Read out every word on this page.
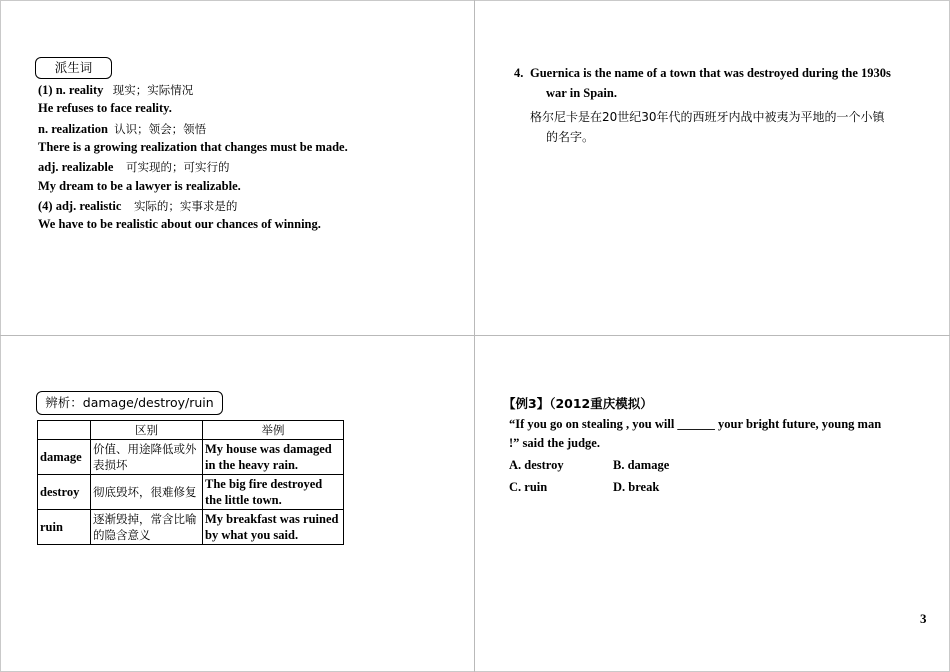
派生词
(1) n. reality 现实；实际情况
He refuses to face reality.
n. realization 认识；领会；领悟
There is a growing realization that changes must be made.
adj. realizable 可实现的；可实行的
My dream to be a lawyer is realizable.
(4) adj. realistic 实际的；实事求是的
We have to be realistic about our chances of winning.
4. Guernica is the name of a town that was destroyed during the 1930s
war in Spain.
格尔尼卡是在20世纪30年代的西班牙内战中被夷为平地的一个小镇
的名字。
辨析：damage/destroy/ruin
	区别	举例
damage	价值、用途降低或外表损坏	My house was damaged in the heavy rain.
destroy	彻底毁坏，很难修复	The big fire destroyed the little town.
ruin	逐渐毁掉，常含比喻的隐含意义	My breakfast was ruined by what you said.
【例3】（2012重庆模拟）
“If you go on stealing , you will ______ your bright future, young man
!” said the judge.
A. destroy	B. damage
C. ruin	D. break
3
